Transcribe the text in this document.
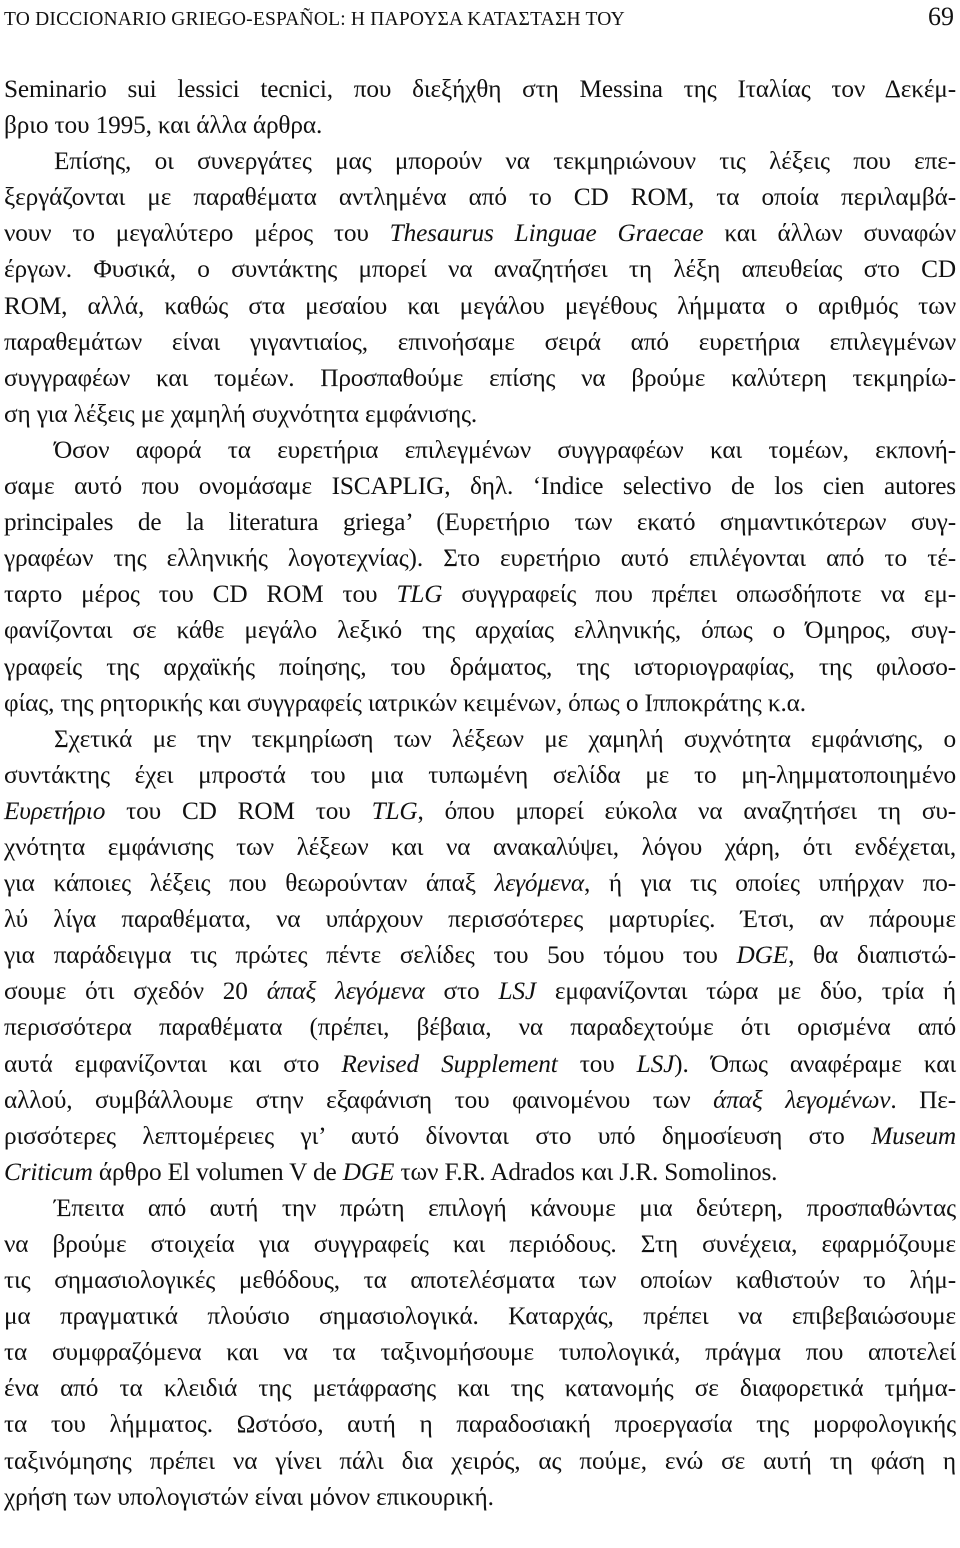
TO DICCIONARIO GRIEGO-ESPAÑOL: Η ΠΑΡΟΥΣΑ ΚΑΤΑΣΤΑΣΗ ΤΟΥ	69

Seminario sui lessici tecnici, που διεξήχθη στη Messina της Ιταλίας τον Δεκέμ-
βριο του 1995, και άλλα άρθρα.

Επίσης, οι συνεργάτες μας μπορούν να τεκμηριώνουν τις λέξεις που επε-
ξεργάζονται με παραθέματα αντλημένα από το CD ROM, τα οποία περιλαμβά-
νουν το μεγαλύτερο μέρος του Thesaurus Linguae Graecae και άλλων συναφών
έργων. Φυσικά, ο συντάκτης μπορεί να αναζητήσει τη λέξη απευθείας στο CD
ROM, αλλά, καθώς στα μεσαίου και μεγάλου μεγέθους λήμματα ο αριθμός των
παραθεμάτων είναι γιγαντιαίος, επινοήσαμε σειρά από ευρετήρια επιλεγμένων
συγγραφέων και τομέων. Προσπαθούμε επίσης να βρούμε καλύτερη τεκμηρίω-
ση για λέξεις με χαμηλή συχνότητα εμφάνισης.

Όσον αφορά τα ευρετήρια επιλεγμένων συγγραφέων και τομέων, εκπονή-
σαμε αυτό που ονομάσαμε ISCAPLIG, δηλ. ‘Indice selectivo de los cien autores
principales de la literatura griega’ (Ευρετήριο των εκατό σημαντικότερων συγ-
γραφέων της ελληνικής λογοτεχνίας). Στο ευρετήριο αυτό επιλέγονται από το τέ-
ταρτο μέρος του CD ROM του TLG συγγραφείς που πρέπει οπωσδήποτε να εμ-
φανίζονται σε κάθε μεγάλο λεξικό της αρχαίας ελληνικής, όπως ο Όμηρος, συγ-
γραφείς της αρχαϊκής ποίησης, του δράματος, της ιστοριογραφίας, της φιλοσο-
φίας, της ρητορικής και συγγραφείς ιατρικών κειμένων, όπως ο Ιπποκράτης κ.α.

Σχετικά με την τεκμηρίωση των λέξεων με χαμηλή συχνότητα εμφάνισης, ο
συντάκτης έχει μπροστά του μια τυπωμένη σελίδα με το μη-λημματοποιημένο
Ευρετήριο του CD ROM του TLG, όπου μπορεί εύκολα να αναζητήσει τη συ-
χνότητα εμφάνισης των λέξεων και να ανακαλύψει, λόγου χάρη, ότι ενδέχεται,
για κάποιες λέξεις που θεωρούνταν άπαξ λεγόμενα, ή για τις οποίες υπήρχαν πο-
λύ λίγα παραθέματα, να υπάρχουν περισσότερες μαρτυρίες. Έτσι, αν πάρουμε
για παράδειγμα τις πρώτες πέντε σελίδες του 5ου τόμου του DGE, θα διαπιστώ-
σουμε ότι σχεδόν 20 άπαξ λεγόμενα στο LSJ εμφανίζονται τώρα με δύο, τρία ή
περισσότερα παραθέματα (πρέπει, βέβαια, να παραδεχτούμε ότι ορισμένα από
αυτά εμφανίζονται και στο Revised Supplement του LSJ). Όπως αναφέραμε και
αλλού, συμβάλλουμε στην εξαφάνιση του φαινομένου των άπαξ λεγομένων. Πε-
ρισσότερες λεπτομέρειες γι’ αυτό δίνονται στο υπό δημοσίευση στο Museum
Criticum άρθρο El volumen V de DGE των F.R. Adrados και J.R. Somolinos.

Έπειτα από αυτή την πρώτη επιλογή κάνουμε μια δεύτερη, προσπαθώντας
να βρούμε στοιχεία για συγγραφείς και περιόδους. Στη συνέχεια, εφαρμόζουμε
τις σημασιολογικές μεθόδους, τα αποτελέσματα των οποίων καθιστούν το λήμ-
μα πραγματικά πλούσιο σημασιολογικά. Καταρχάς, πρέπει να επιβεβαιώσουμε
τα συμφραζόμενα και να τα ταξινομήσουμε τυπολογικά, πράγμα που αποτελεί
ένα από τα κλειδιά της μετάφρασης και της κατανομής σε διαφορετικά τμήμα-
τα του λήμματος. Ωστόσο, αυτή η παραδοσιακή προεργασία της μορφολογικής
ταξινόμησης πρέπει να γίνει πάλι δια χειρός, ας πούμε, ενώ σε αυτή τη φάση η
χρήση των υπολογιστών είναι μόνον επικουρική.
